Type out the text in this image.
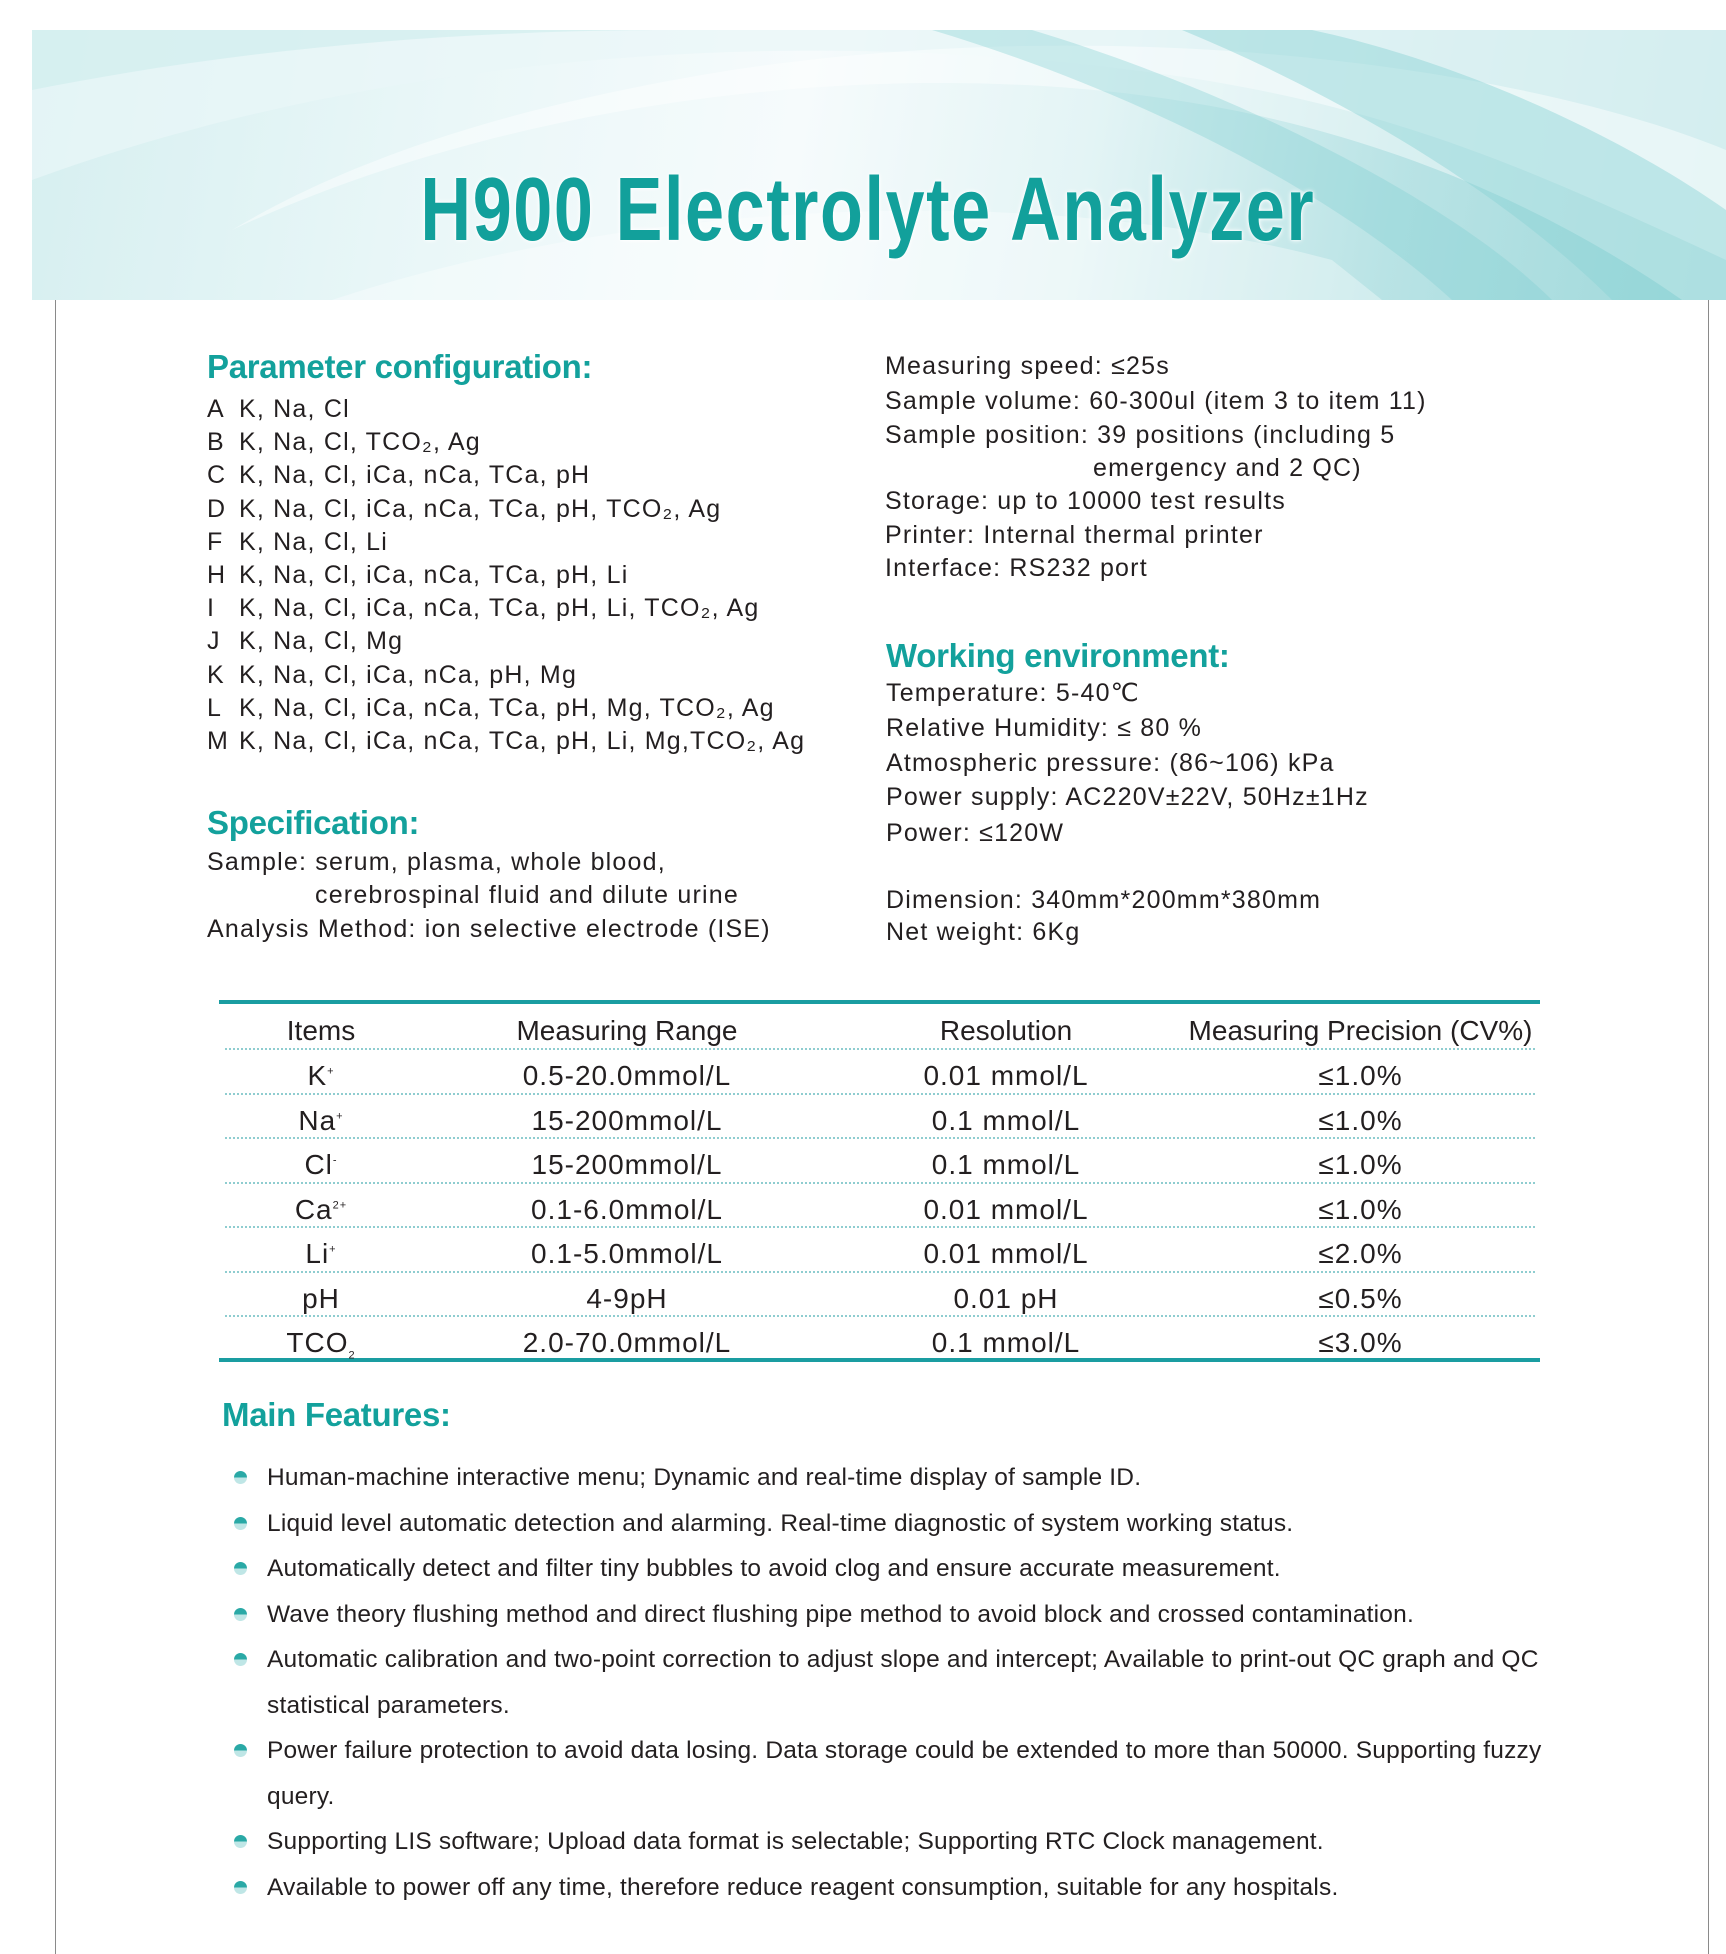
H900 Electrolyte Analyzer
Parameter configuration:
A K, Na, Cl
B K, Na, Cl, TCO₂, Ag
C K, Na, Cl, iCa, nCa, TCa, pH
D K, Na, Cl, iCa, nCa, TCa, pH, TCO₂, Ag
F K, Na, Cl, Li
H K, Na, Cl, iCa, nCa, TCa, pH, Li
I K, Na, Cl, iCa, nCa, TCa, pH, Li, TCO₂, Ag
J K, Na, Cl, Mg
K K, Na, Cl, iCa, nCa, pH, Mg
L K, Na, Cl, iCa, nCa, TCa, pH, Mg, TCO₂, Ag
M K, Na, Cl, iCa, nCa, TCa, pH, Li, Mg,TCO₂, Ag
Specification:
Sample: serum, plasma, whole blood,
cerebrospinal fluid and dilute urine
Analysis Method: ion selective electrode (ISE)
Measuring speed: ≤25s
Sample volume: 60-300ul (item 3 to item 11)
Sample position: 39 positions (including 5
emergency and 2 QC)
Storage: up to 10000 test results
Printer: Internal thermal printer
Interface: RS232 port
Working environment:
Temperature: 5-40℃
Relative Humidity: ≤ 80 %
Atmospheric pressure: (86~106) kPa
Power supply: AC220V±22V, 50Hz±1Hz
Power: ≤120W
Dimension: 340mm*200mm*380mm
Net weight: 6Kg
Items	Measuring Range	Resolution	Measuring Precision (CV%)
K+	0.5-20.0mmol/L	0.01 mmol/L	≤1.0%
Na+	15-200mmol/L	0.1 mmol/L	≤1.0%
Cl-	15-200mmol/L	0.1 mmol/L	≤1.0%
$Ca^{2+}$	0.1-6.0mmol/L	0.01 mmol/L	≤1.0%
Li+	0.1-5.0mmol/L	0.01 mmol/L	≤2.0%
pH	4-9pH	0.01 pH	≤0.5%
$TCO_2$	2.0-70.0mmol/L	0.1 mmol/L	≤3.0%
Main Features:
Human-machine interactive menu; Dynamic and real-time display of sample ID.
Liquid level automatic detection and alarming. Real-time diagnostic of system working status.
Automatically detect and filter tiny bubbles to avoid clog and ensure accurate measurement.
Wave theory flushing method and direct flushing pipe method to avoid block and crossed contamination.
Automatic calibration and two-point correction to adjust slope and intercept; Available to print-out QC graph and QC statistical parameters.
Power failure protection to avoid data losing. Data storage could be extended to more than 50000. Supporting fuzzy query.
Supporting LIS software; Upload data format is selectable; Supporting RTC Clock management.
Available to power off any time, therefore reduce reagent consumption, suitable for any hospitals.
